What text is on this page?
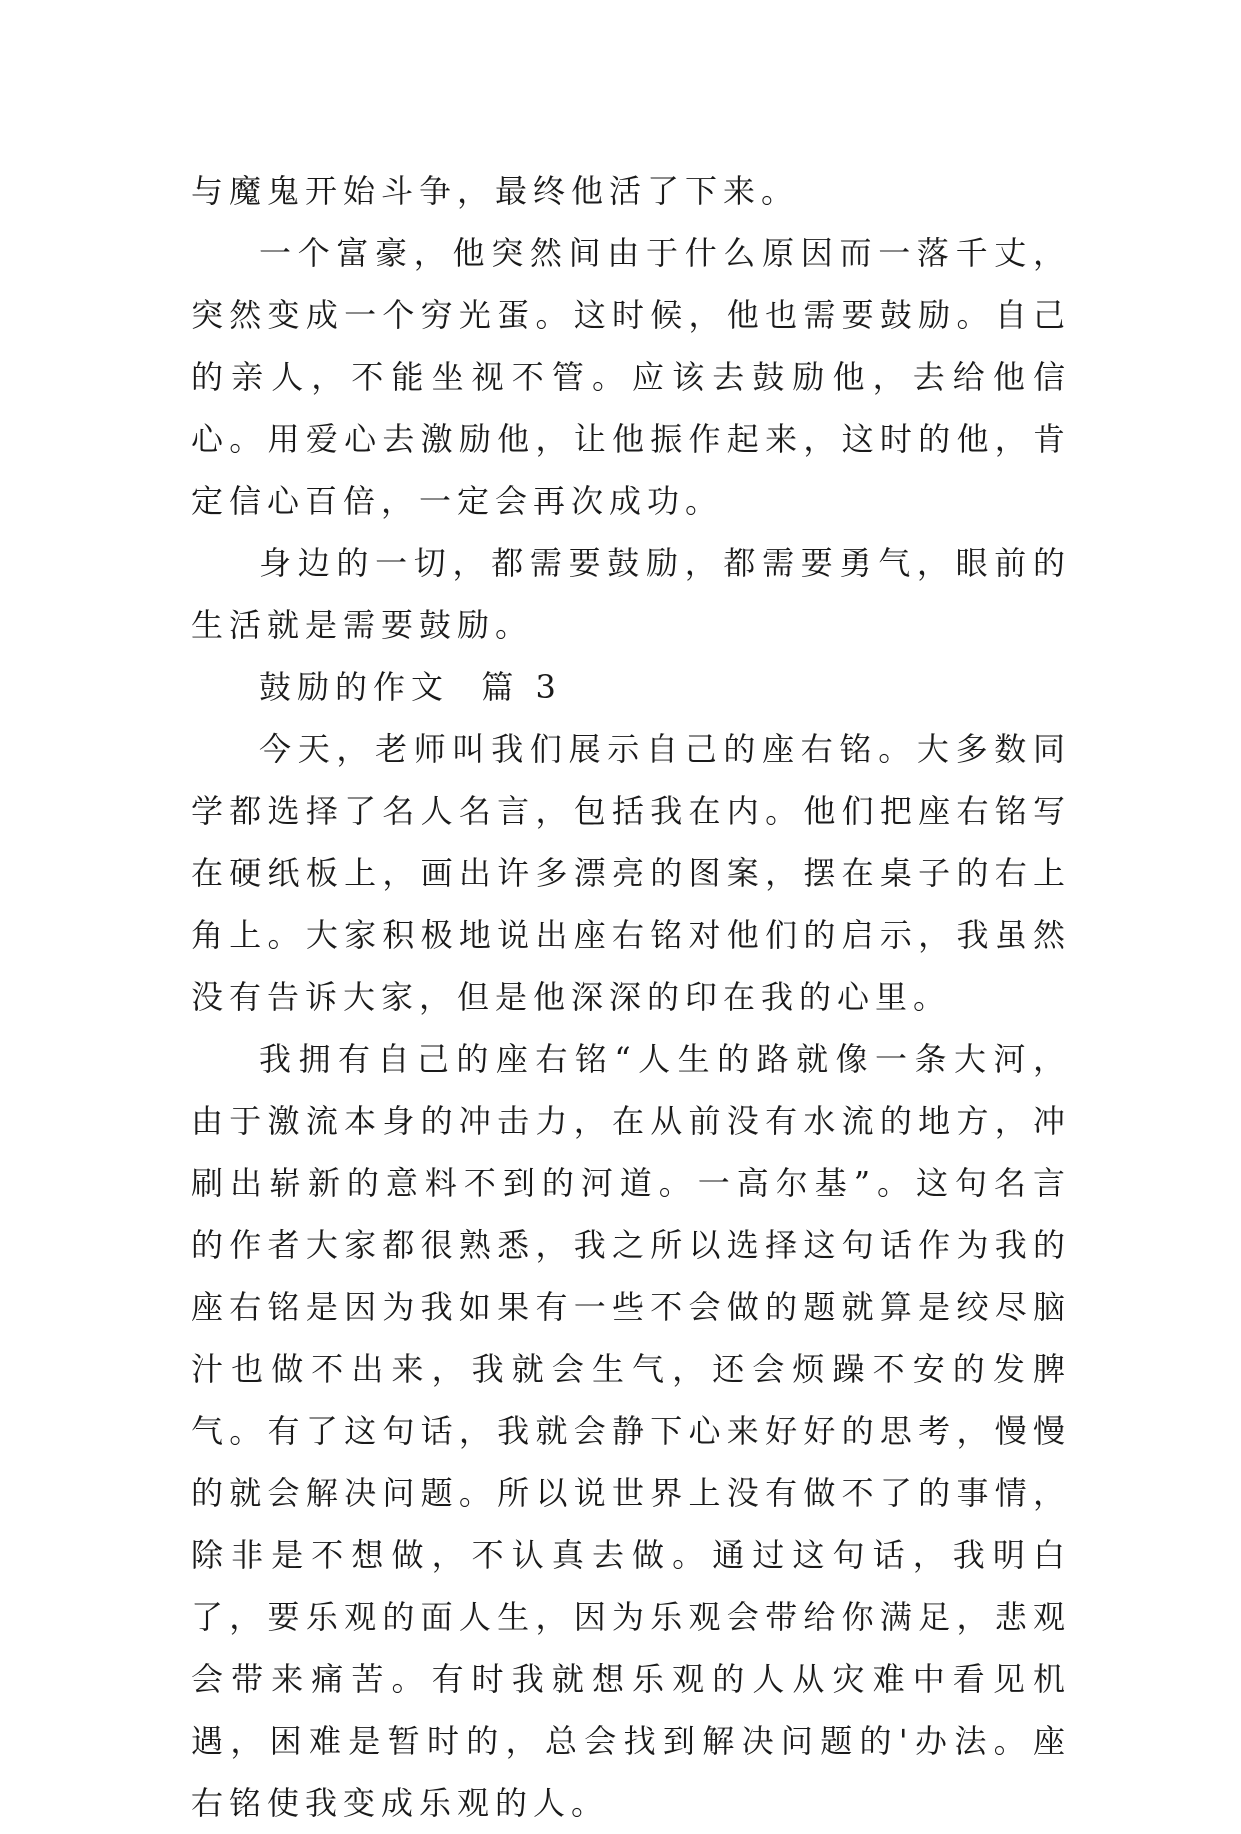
与魔鬼开始斗争，最终他活了下来。

一个富豪，他突然间由于什么原因而一落千丈，突然变成一个穷光蛋。这时候，他也需要鼓励。自己的亲人，不能坐视不管。应该去鼓励他，去给他信心。用爱心去激励他，让他振作起来，这时的他，肯定信心百倍，一定会再次成功。

身边的一切，都需要鼓励，都需要勇气，眼前的生活就是需要鼓励。

鼓励的作文  篇 3

今天，老师叫我们展示自己的座右铭。大多数同学都选择了名人名言，包括我在内。他们把座右铭写在硬纸板上，画出许多漂亮的图案，摆在桌子的右上角上。大家积极地说出座右铭对他们的启示，我虽然没有告诉大家，但是他深深的印在我的心里。

我拥有自己的座右铭“人生的路就像一条大河，由于激流本身的冲击力，在从前没有水流的地方，冲刷出崭新的意料不到的河道。一高尔基”。这句名言的作者大家都很熟悉，我之所以选择这句话作为我的座右铭是因为我如果有一些不会做的题就算是绞尽脑汁也做不出来，我就会生气，还会烦躁不安的发脾气。有了这句话，我就会静下心来好好的思考，慢慢的就会解决问题。所以说世界上没有做不了的事情，除非是不想做，不认真去做。通过这句话，我明白了，要乐观的面人生，因为乐观会带给你满足，悲观会带来痛苦。有时我就想乐观的人从灾难中看见机遇，困难是暂时的，总会找到解决问题的'办法。座右铭使我变成乐观的人。
